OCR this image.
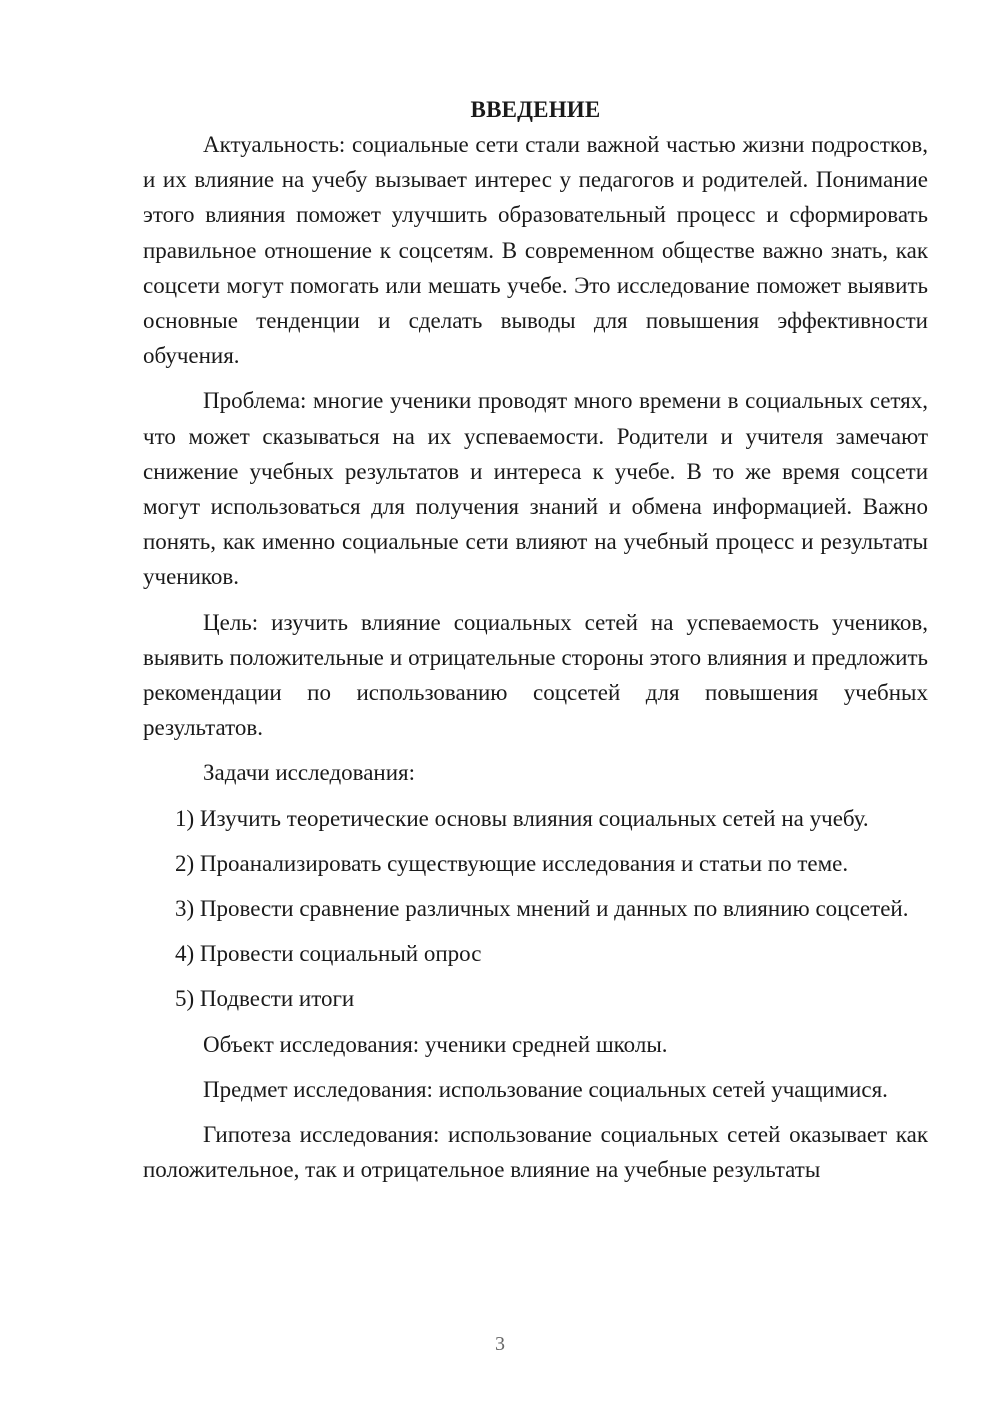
ВВЕДЕНИЕ

Актуальность: социальные сети стали важной частью жизни подростков, и их влияние на учебу вызывает интерес у педагогов и родителей. Понимание этого влияния поможет улучшить образовательный процесс и сформировать правильное отношение к соцсетям. В современном обществе важно знать, как соцсети могут помогать или мешать учебе. Это исследование поможет выявить основные тенденции и сделать выводы для повышения эффективности обучения.

Проблема: многие ученики проводят много времени в социальных сетях, что может сказываться на их успеваемости. Родители и учителя замечают снижение учебных результатов и интереса к учебе. В то же время соцсети могут использоваться для получения знаний и обмена информацией. Важно понять, как именно социальные сети влияют на учебный процесс и результаты учеников.

Цель: изучить влияние социальных сетей на успеваемость учеников, выявить положительные и отрицательные стороны этого влияния и предложить рекомендации по использованию соцсетей для повышения учебных результатов.

Задачи исследования:

1) Изучить теоретические основы влияния социальных сетей на учебу.

2) Проанализировать существующие исследования и статьи по теме.

3) Провести сравнение различных мнений и данных по влиянию соцсетей.

4) Провести социальный опрос

5) Подвести итоги

Объект исследования: ученики средней школы.

Предмет исследования: использование социальных сетей учащимися.

Гипотеза исследования: использование социальных сетей оказывает как положительное, так и отрицательное влияние на учебные результаты

3
